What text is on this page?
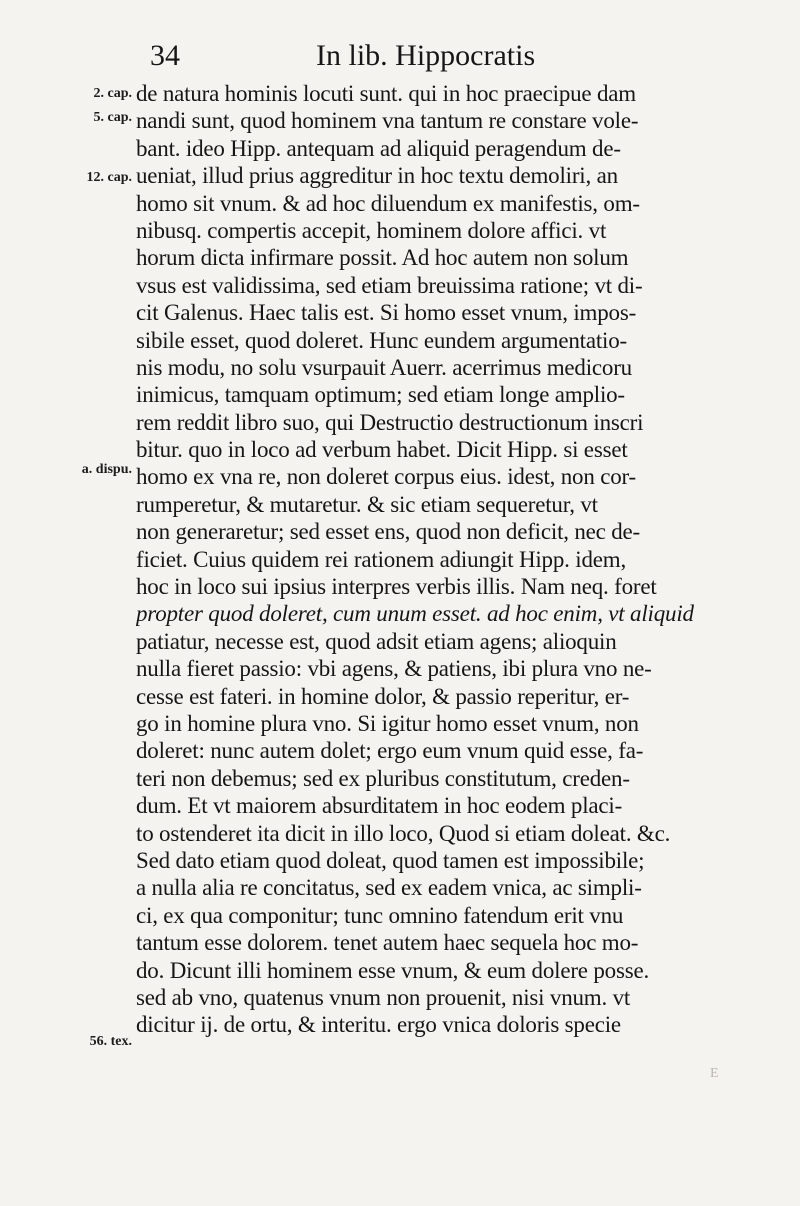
34	In lib. Hippocratis
2. cap.
5. cap.
12. cap.
a. dispu.
56. tex.
de natura hominis locuti sunt. qui in hoc praecipue dam
nandi sunt, quod hominem vna tantum re constare vole-
bant. ideo Hipp. antequam ad aliquid peragendum de-
ueniat, illud prius aggreditur in hoc textu demoliri, an
homo sit vnum. & ad hoc diluendum ex manifestis, om-
nibusq. compertis accepit, hominem dolore affici. vt
horum dicta infirmare possit. Ad hoc autem non solum
vsus est validissima, sed etiam breuissima ratione; vt di-
cit Galenus. Haec talis est. Si homo esset vnum, impos-
sibile esset, quod doleret. Hunc eundem argumentatio-
nis modu, no solu vsurpauit Auerr. acerrimus medicoru
inimicus, tamquam optimum; sed etiam longe amplio-
rem reddit libro suo, qui Destructio destructionum inscri
bitur. quo in loco ad verbum habet. Dicit Hipp. si esset
homo ex vna re, non doleret corpus eius. idest, non cor-
rumperetur, & mutaretur. & sic etiam sequeretur, vt
non generaretur; sed esset ens, quod non deficit, nec de-
ficiet. Cuius quidem rei rationem adiungit Hipp. idem,
hoc in loco sui ipsius interpres verbis illis. Nam neq. foret
propter quod doleret, cum unum esset. ad hoc enim, vt aliquid
patiatur, necesse est, quod adsit etiam agens; alioquin
nulla fieret passio: vbi agens, & patiens, ibi plura vno ne-
cesse est fateri. in homine dolor, & passio reperitur, er-
go in homine plura vno. Si igitur homo esset vnum, non
doleret: nunc autem dolet; ergo eum vnum quid esse, fa-
teri non debemus; sed ex pluribus constitutum, creden-
dum. Et vt maiorem absurditatem in hoc eodem placi-
to ostenderet ita dicit in illo loco, Quod si etiam doleat. &c.
Sed dato etiam quod doleat, quod tamen est impossibile;
a nulla alia re concitatus, sed ex eadem vnica, ac simpli-
ci, ex qua componitur; tunc omnino fatendum erit vnu
tantum esse dolorem. tenet autem haec sequela hoc mo-
do. Dicunt illi hominem esse vnum, & eum dolere posse.
sed ab vno, quatenus vnum non prouenit, nisi vnum. vt
dicitur ij. de ortu, & interitu. ergo vnica doloris specie
E
